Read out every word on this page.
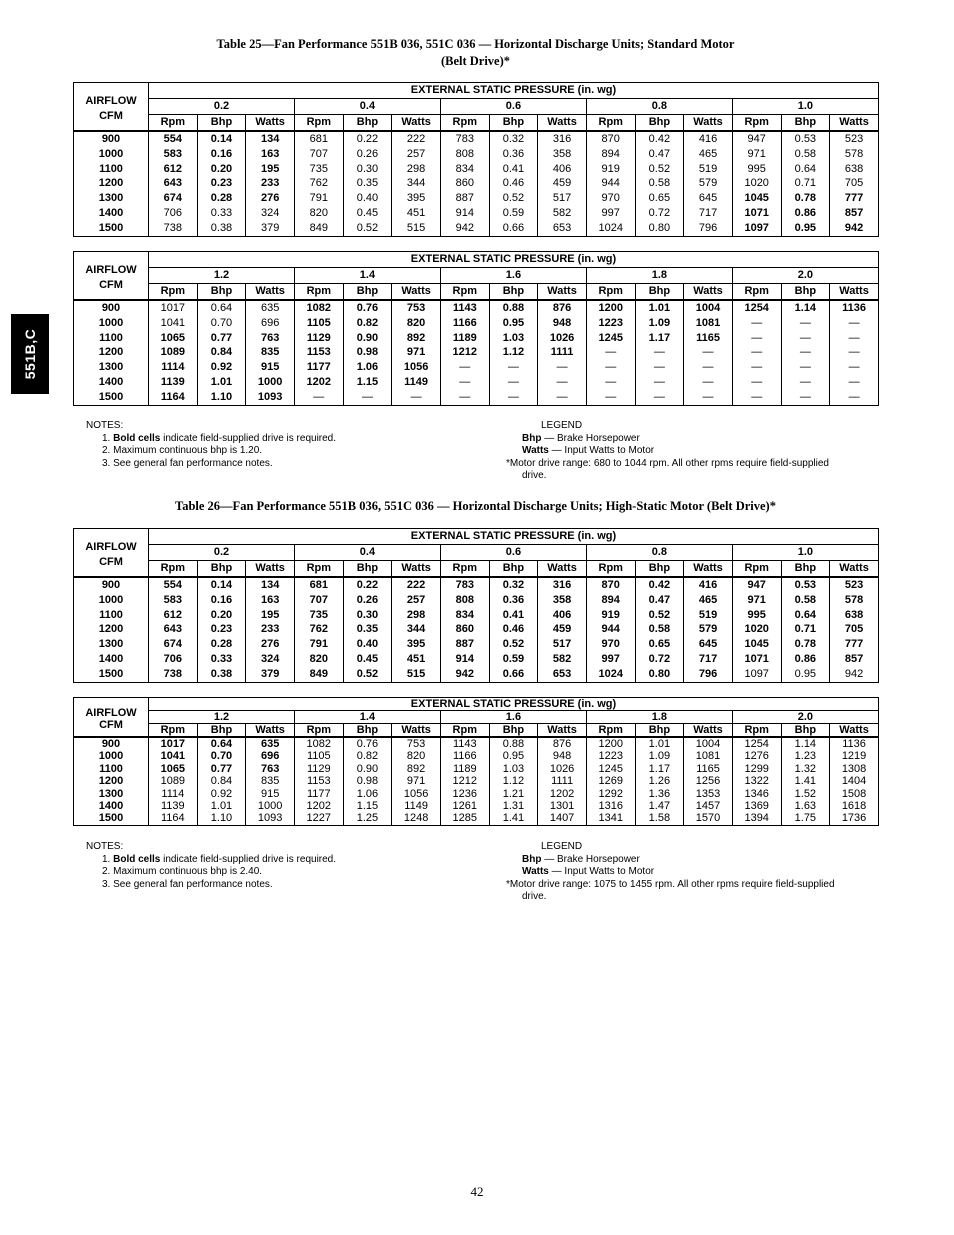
Table 25—Fan Performance 551B 036, 551C 036 — Horizontal Discharge Units; Standard Motor
(Belt Drive)*
551B,C
AIRFLOW
CFM	EXTERNAL STATIC PRESSURE (in. wg)														
	0.2			0.4			0.6			0.8			1.0		
	Rpm	Bhp	Watts	Rpm	Bhp	Watts	Rpm	Bhp	Watts	Rpm	Bhp	Watts	Rpm	Bhp	Watts
900	554	0.14	134	681	0.22	222	783	0.32	316	870	0.42	416	947	0.53	523
1000	583	0.16	163	707	0.26	257	808	0.36	358	894	0.47	465	971	0.58	578
1100	612	0.20	195	735	0.30	298	834	0.41	406	919	0.52	519	995	0.64	638
1200	643	0.23	233	762	0.35	344	860	0.46	459	944	0.58	579	1020	0.71	705
1300	674	0.28	276	791	0.40	395	887	0.52	517	970	0.65	645	1045	0.78	777
1400	706	0.33	324	820	0.45	451	914	0.59	582	997	0.72	717	1071	0.86	857
1500	738	0.38	379	849	0.52	515	942	0.66	653	1024	0.80	796	1097	0.95	942
AIRFLOW
CFM	EXTERNAL STATIC PRESSURE (in. wg)														
	1.2			1.4			1.6			1.8			2.0		
	Rpm	Bhp	Watts	Rpm	Bhp	Watts	Rpm	Bhp	Watts	Rpm	Bhp	Watts	Rpm	Bhp	Watts
900	1017	0.64	635	1082	0.76	753	1143	0.88	876	1200	1.01	1004	1254	1.14	1136
1000	1041	0.70	696	1105	0.82	820	1166	0.95	948	1223	1.09	1081	—	—	—
1100	1065	0.77	763	1129	0.90	892	1189	1.03	1026	1245	1.17	1165	—	—	—
1200	1089	0.84	835	1153	0.98	971	1212	1.12	1111	—	—	—	—	—	—
1300	1114	0.92	915	1177	1.06	1056	—	—	—	—	—	—	—	—	—
1400	1139	1.01	1000	1202	1.15	1149	—	—	—	—	—	—	—	—	—
1500	1164	1.10	1093	—	—	—	—	—	—	—	—	—	—	—	—
NOTES:
1. Bold cells indicate field-supplied drive is required.
2. Maximum continuous bhp is 1.20.
3. See general fan performance notes.
LEGEND
Bhp — Brake Horsepower
Watts — Input Watts to Motor
*Motor drive range: 680 to 1044 rpm. All other rpms require field-supplied
drive.
Table 26—Fan Performance 551B 036, 551C 036 — Horizontal Discharge Units; High-Static Motor (Belt Drive)*
AIRFLOW
CFM	EXTERNAL STATIC PRESSURE (in. wg)														
	0.2			0.4			0.6			0.8			1.0		
	Rpm	Bhp	Watts	Rpm	Bhp	Watts	Rpm	Bhp	Watts	Rpm	Bhp	Watts	Rpm	Bhp	Watts
900	554	0.14	134	681	0.22	222	783	0.32	316	870	0.42	416	947	0.53	523
1000	583	0.16	163	707	0.26	257	808	0.36	358	894	0.47	465	971	0.58	578
1100	612	0.20	195	735	0.30	298	834	0.41	406	919	0.52	519	995	0.64	638
1200	643	0.23	233	762	0.35	344	860	0.46	459	944	0.58	579	1020	0.71	705
1300	674	0.28	276	791	0.40	395	887	0.52	517	970	0.65	645	1045	0.78	777
1400	706	0.33	324	820	0.45	451	914	0.59	582	997	0.72	717	1071	0.86	857
1500	738	0.38	379	849	0.52	515	942	0.66	653	1024	0.80	796	1097	0.95	942
AIRFLOW
CFM	EXTERNAL STATIC PRESSURE (in. wg)														
	1.2			1.4			1.6			1.8			2.0		
	Rpm	Bhp	Watts	Rpm	Bhp	Watts	Rpm	Bhp	Watts	Rpm	Bhp	Watts	Rpm	Bhp	Watts
900	1017	0.64	635	1082	0.76	753	1143	0.88	876	1200	1.01	1004	1254	1.14	1136
1000	1041	0.70	696	1105	0.82	820	1166	0.95	948	1223	1.09	1081	1276	1.23	1219
1100	1065	0.77	763	1129	0.90	892	1189	1.03	1026	1245	1.17	1165	1299	1.32	1308
1200	1089	0.84	835	1153	0.98	971	1212	1.12	1111	1269	1.26	1256	1322	1.41	1404
1300	1114	0.92	915	1177	1.06	1056	1236	1.21	1202	1292	1.36	1353	1346	1.52	1508
1400	1139	1.01	1000	1202	1.15	1149	1261	1.31	1301	1316	1.47	1457	1369	1.63	1618
1500	1164	1.10	1093	1227	1.25	1248	1285	1.41	1407	1341	1.58	1570	1394	1.75	1736
NOTES:
1. Bold cells indicate field-supplied drive is required.
2. Maximum continuous bhp is 2.40.
3. See general fan performance notes.
LEGEND
Bhp — Brake Horsepower
Watts — Input Watts to Motor
*Motor drive range: 1075 to 1455 rpm. All other rpms require field-supplied
drive.
42
